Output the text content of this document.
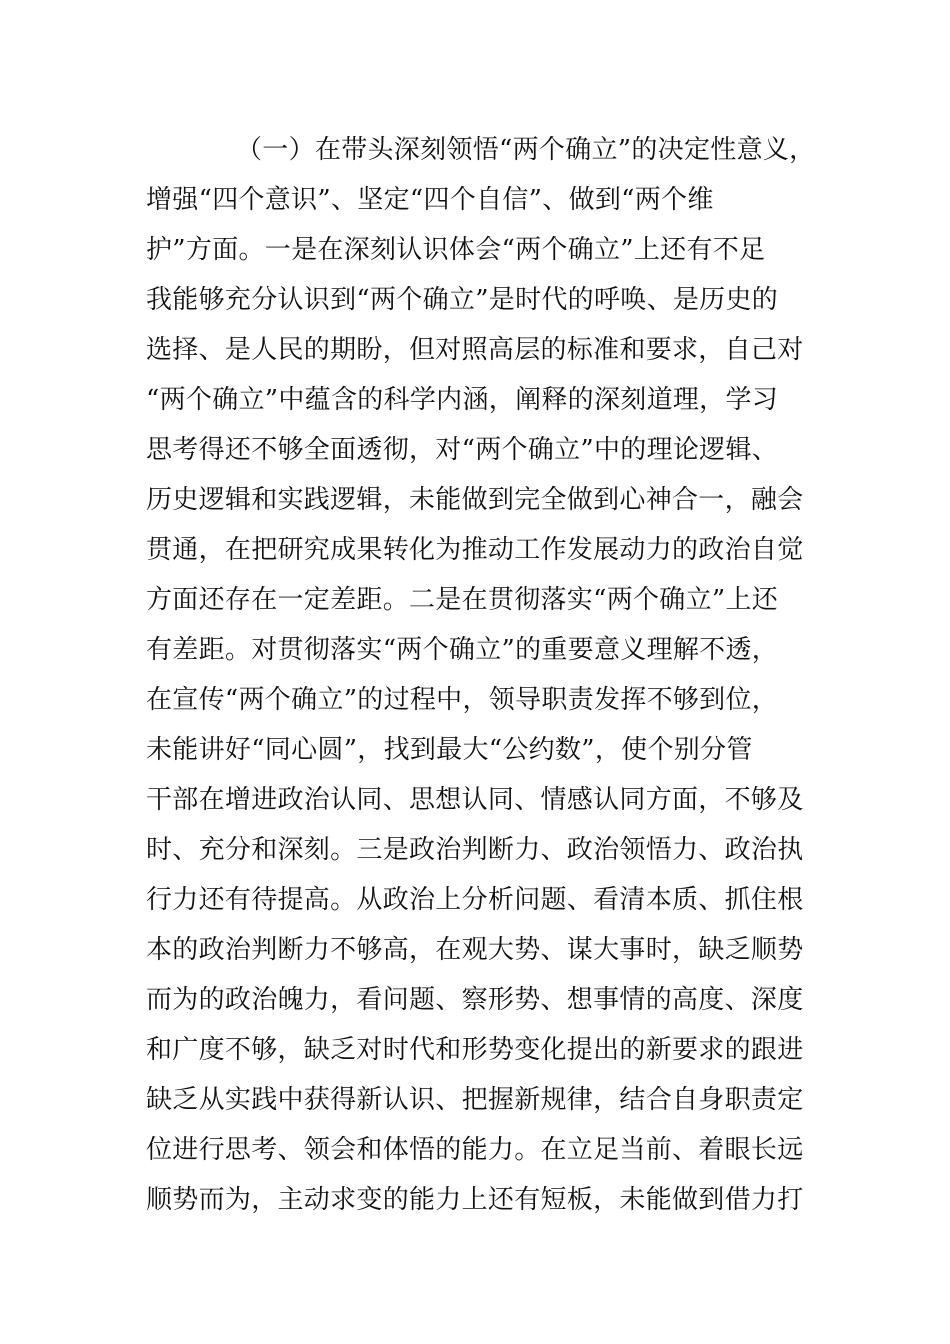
（一）在带头深刻领悟“两个确立”的决定性意义，
增强“四个意识”、坚定“四个自信”、做到“两个维
护”方面。一是在深刻认识体会“两个确立”上还有不足
我能够充分认识到“两个确立”是时代的呼唤、是历史的
选择、是人民的期盼，但对照高层的标准和要求，自己对
“两个确立”中蕴含的科学内涵，阐释的深刻道理，学习
思考得还不够全面透彻，对“两个确立”中的理论逻辑、
历史逻辑和实践逻辑，未能做到完全做到心神合一，融会
贯通，在把研究成果转化为推动工作发展动力的政治自觉
方面还存在一定差距。二是在贯彻落实“两个确立”上还
有差距。对贯彻落实“两个确立”的重要意义理解不透，
在宣传“两个确立”的过程中，领导职责发挥不够到位，
未能讲好“同心圆”，找到最大“公约数”，使个别分管
干部在增进政治认同、思想认同、情感认同方面，不够及
时、充分和深刻。三是政治判断力、政治领悟力、政治执
行力还有待提高。从政治上分析问题、看清本质、抓住根
本的政治判断力不够高，在观大势、谋大事时，缺乏顺势
而为的政治魄力，看问题、察形势、想事情的高度、深度
和广度不够，缺乏对时代和形势变化提出的新要求的跟进
缺乏从实践中获得新认识、把握新规律，结合自身职责定
位进行思考、领会和体悟的能力。在立足当前、着眼长远
顺势而为，主动求变的能力上还有短板，未能做到借力打
